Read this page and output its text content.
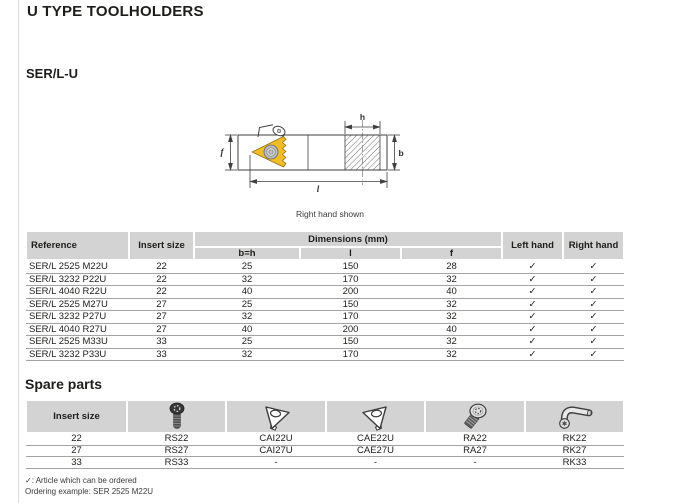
U TYPE TOOLHOLDERS
SER/L-U
h
f	b
l
Right hand shown
Reference	Insert size	Dimensions (mm)			Left hand	Right hand
		b=h	l	f		
SER/L 2525 M22U	22	25	150	28	✓	✓
SER/L 3232 P22U	22	32	170	32	✓	✓
SER/L 4040 R22U	22	40	200	40	✓	✓
SER/L 2525 M27U	27	25	150	32	✓	✓
SER/L 3232 P27U	27	32	170	32	✓	✓
SER/L 4040 R27U	27	40	200	40	✓	✓
SER/L 2525 M33U	33	25	150	32	✓	✓
SER/L 3232 P33U	33	32	170	32	✓	✓
Spare parts
Insert size	

22	RS22	CAI22U	CAE22U	RA22	RK22
27	RS27	CAI27U	CAE27U	RA27	RK27
33	RS33	-	-	-	RK33
✓: Article which can be ordered
Ordering example: SER 2525 M22U
